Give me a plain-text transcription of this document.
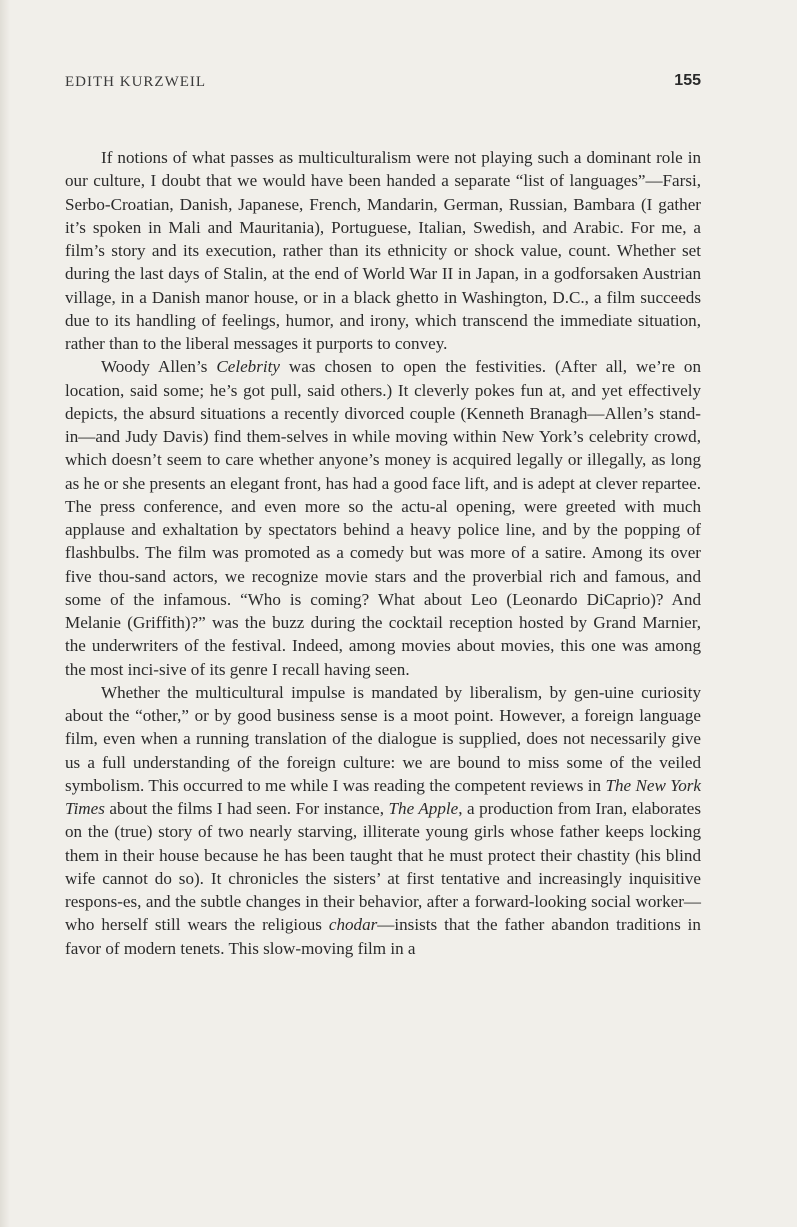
EDITH KURZWEIL	155

If notions of what passes as multiculturalism were not playing such a dominant role in our culture, I doubt that we would have been handed a separate “list of languages”—Farsi, Serbo-Croatian, Danish, Japanese, French, Mandarin, German, Russian, Bambara (I gather it’s spoken in Mali and Mauritania), Portuguese, Italian, Swedish, and Arabic. For me, a film’s story and its execution, rather than its ethnicity or shock value, count. Whether set during the last days of Stalin, at the end of World War II in Japan, in a godforsaken Austrian village, in a Danish manor house, or in a black ghetto in Washington, D.C., a film succeeds due to its handling of feelings, humor, and irony, which transcend the immediate situation, rather than to the liberal messages it purports to convey.

Woody Allen’s Celebrity was chosen to open the festivities. (After all, we’re on location, said some; he’s got pull, said others.) It cleverly pokes fun at, and yet effectively depicts, the absurd situations a recently divorced couple (Kenneth Branagh—Allen’s stand-in—and Judy Davis) find them-selves in while moving within New York’s celebrity crowd, which doesn’t seem to care whether anyone’s money is acquired legally or illegally, as long as he or she presents an elegant front, has had a good face lift, and is adept at clever repartee. The press conference, and even more so the actu-al opening, were greeted with much applause and exhaltation by spectators behind a heavy police line, and by the popping of flashbulbs. The film was promoted as a comedy but was more of a satire. Among its over five thou-sand actors, we recognize movie stars and the proverbial rich and famous, and some of the infamous. “Who is coming? What about Leo (Leonardo DiCaprio)? And Melanie (Griffith)?” was the buzz during the cocktail reception hosted by Grand Marnier, the underwriters of the festival. Indeed, among movies about movies, this one was among the most inci-sive of its genre I recall having seen.

Whether the multicultural impulse is mandated by liberalism, by gen-uine curiosity about the “other,” or by good business sense is a moot point. However, a foreign language film, even when a running translation of the dialogue is supplied, does not necessarily give us a full understanding of the foreign culture: we are bound to miss some of the veiled symbolism. This occurred to me while I was reading the competent reviews in The New York Times about the films I had seen. For instance, The Apple, a production from Iran, elaborates on the (true) story of two nearly starving, illiterate young girls whose father keeps locking them in their house because he has been taught that he must protect their chastity (his blind wife cannot do so). It chronicles the sisters’ at first tentative and increasingly inquisitive respons-es, and the subtle changes in their behavior, after a forward-looking social worker—who herself still wears the religious chodar—insists that the father abandon traditions in favor of modern tenets. This slow-moving film in a
